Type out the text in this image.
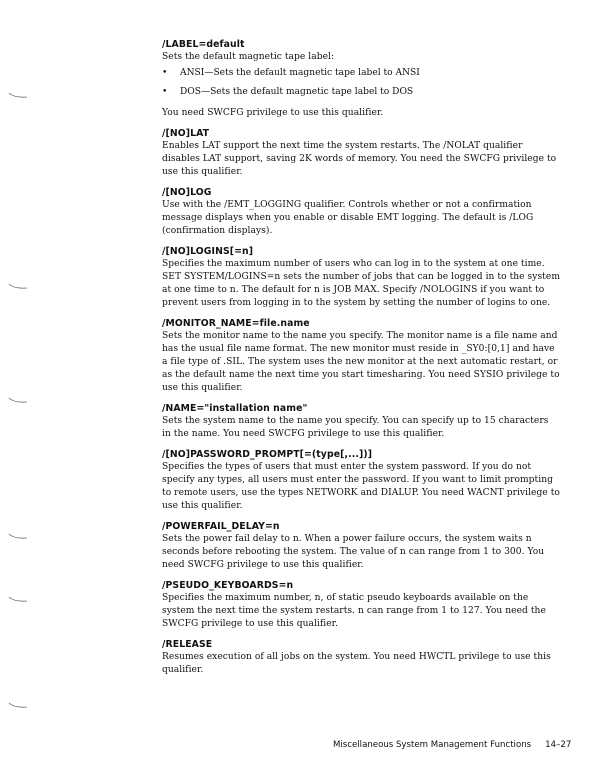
/LABEL=default

Sets the default magnetic tape label:

•	ANSI—Sets the default magnetic tape label to ANSI
•	DOS—Sets the default magnetic tape label to DOS

You need SWCFG privilege to use this qualifier.

/[NO]LAT

Enables LAT support the next time the system restarts. The /NOLAT qualifier disables LAT support, saving 2K words of memory. You need the SWCFG privilege to use this qualifier.

/[NO]LOG

Use with the /EMT_LOGGING qualifier. Controls whether or not a confirmation message displays when you enable or disable EMT logging. The default is /LOG (confirmation displays).

/[NO]LOGINS[=n]

Specifies the maximum number of users who can log in to the system at one time. SET SYSTEM/LOGINS=n sets the number of jobs that can be logged in to the system at one time to n. The default for n is JOB MAX. Specify /NOLOGINS if you want to prevent users from logging in to the system by setting the number of logins to one.

/MONITOR_NAME=file.name

Sets the monitor name to the name you specify. The monitor name is a file name and has the usual file name format. The new monitor must reside in _SY0:[0,1] and have a file type of .SIL. The system uses the new monitor at the next automatic restart, or as the default name the next time you start timesharing. You need SYSIO privilege to use this qualifier.

/NAME="installation name"

Sets the system name to the name you specify. You can specify up to 15 characters in the name. You need SWCFG privilege to use this qualifier.

/[NO]PASSWORD_PROMPT[=(type[,...])]

Specifies the types of users that must enter the system password. If you do not specify any types, all users must enter the password. If you want to limit prompting to remote users, use the types NETWORK and DIALUP. You need WACNT privilege to use this qualifier.

/POWERFAIL_DELAY=n

Sets the power fail delay to n. When a power failure occurs, the system waits n seconds before rebooting the system. The value of n can range from 1 to 300. You need SWCFG privilege to use this qualifier.

/PSEUDO_KEYBOARDS=n

Specifies the maximum number, n, of static pseudo keyboards available on the system the next time the system restarts. n can range from 1 to 127. You need the SWCFG privilege to use this qualifier.

/RELEASE

Resumes execution of all jobs on the system. You need HWCTL privilege to use this qualifier.

Miscellaneous System Management Functions 14–27
